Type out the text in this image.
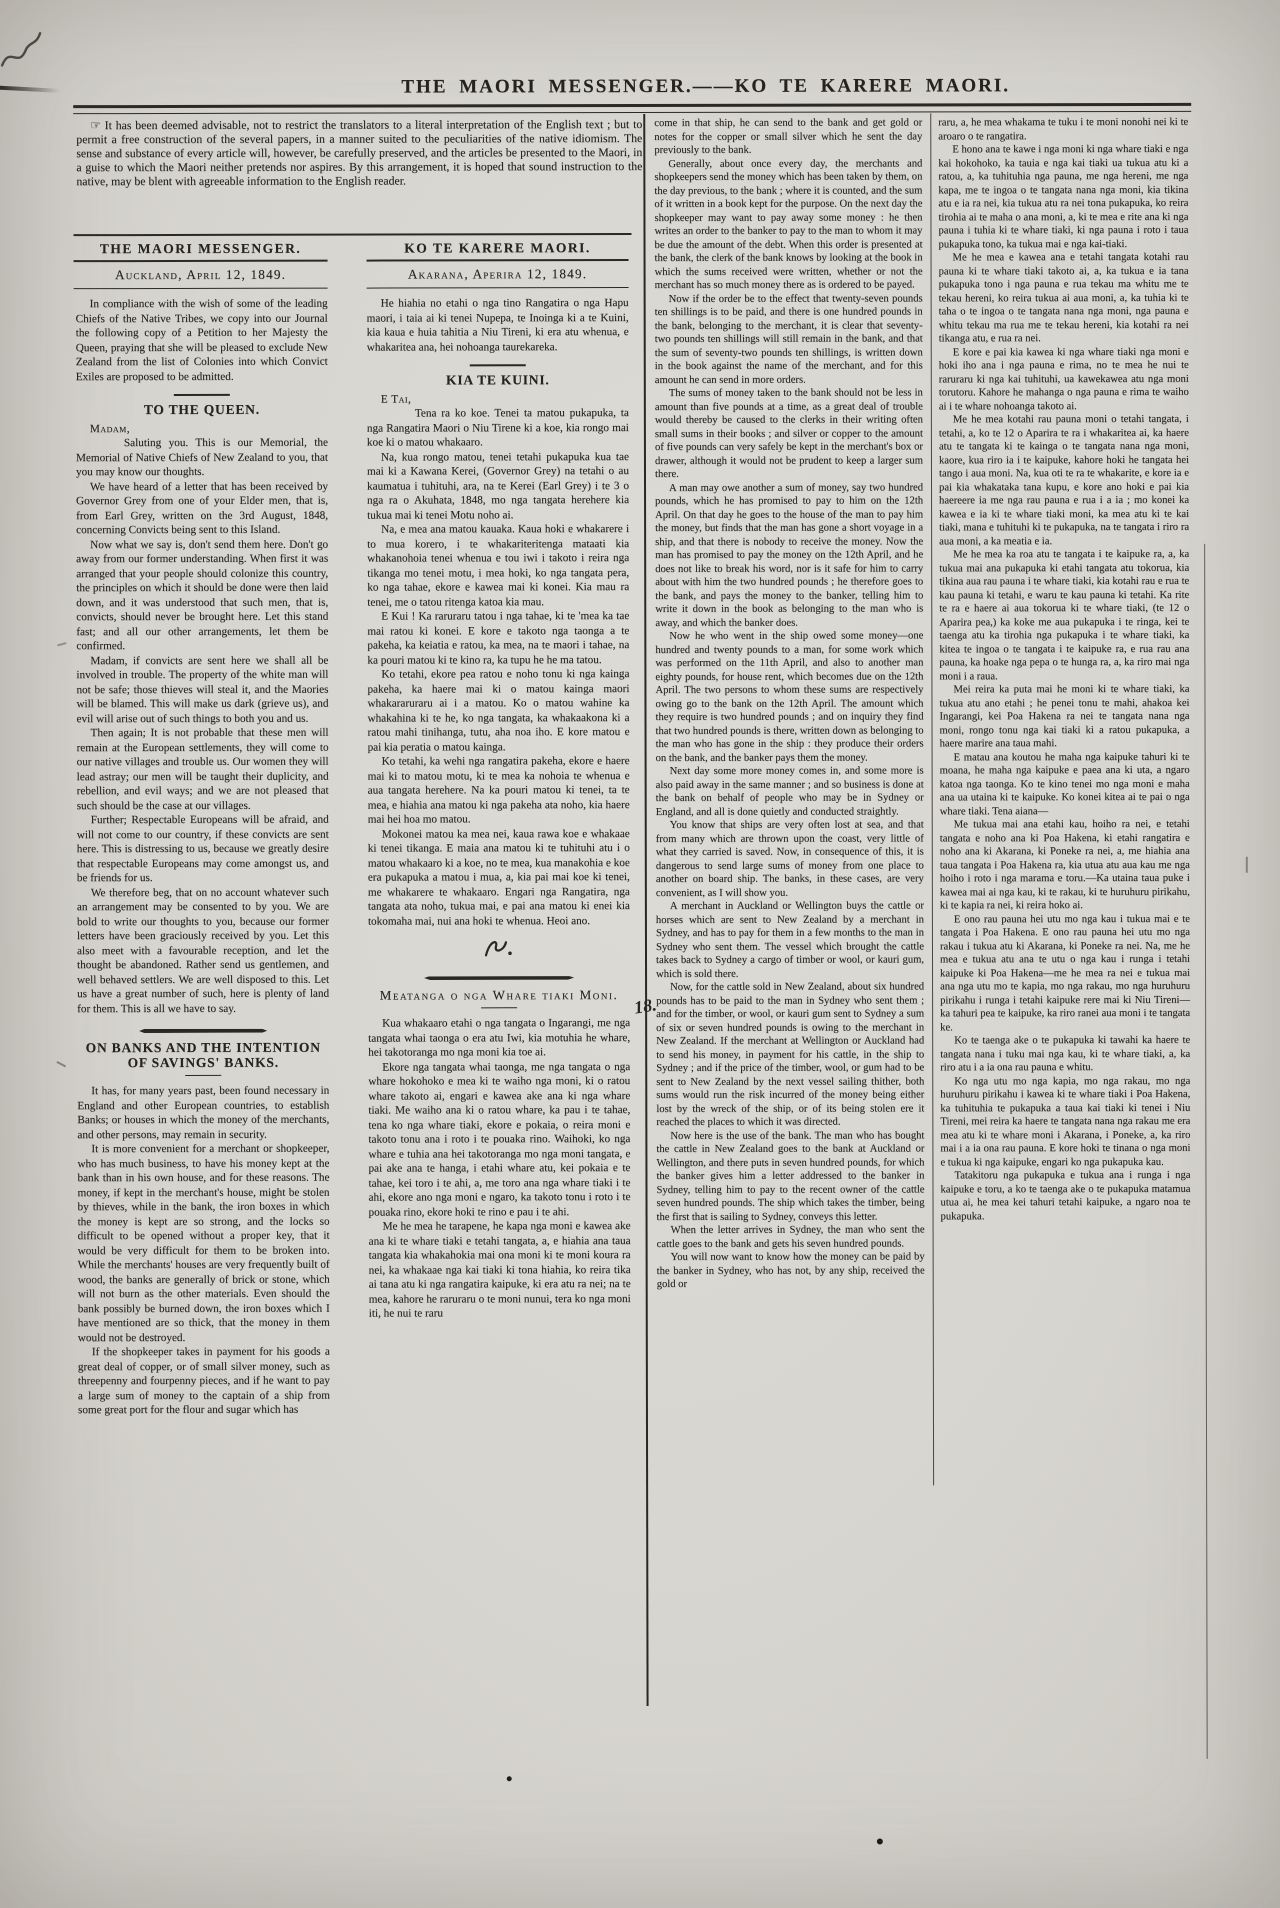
THE MAORI MESSENGER.——KO TE KARERE MAORI.
☞ It has been deemed advisable, not to restrict the translators to a literal interpretation of the English text ; but to permit a free construction of the several papers, in a manner suited to the peculiarities of the native idiomism. The sense and substance of every article will, however, be carefully preserved, and the articles be presented to the Maori, in a guise to which the Maori neither pretends nor aspires. By this arrangement, it is hoped that sound instruction to the native, may be blent with agreeable information to the English reader.
THE MAORI MESSENGER.
Auckland, April 12, 1849.
KO TE KARERE MAORI.
Akarana, Aperira 12, 1849.

In compliance with the wish of some of the leading Chiefs of the Native Tribes, we copy into our Journal the following copy of a Petition to her Majesty the Queen, praying that she will be pleased to exclude New Zealand from the list of Colonies into which Convict Exiles are proposed to be admitted.

TO THE QUEEN.

Madam,

Saluting you. This is our Memorial, the Memorial of Native Chiefs of New Zealand to you, that you may know our thoughts.

We have heard of a letter that has been received by Governor Grey from one of your Elder men, that is, from Earl Grey, written on the 3rd August, 1848, concerning Convicts being sent to this Island.

Now what we say is, don't send them here. Don't go away from our former understanding. When first it was arranged that your people should colonize this country, the principles on which it should be done were then laid down, and it was understood that such men, that is, convicts, should never be brought here. Let this stand fast; and all our other arrangements, let them be confirmed.

Madam, if convicts are sent here we shall all be involved in trouble. The property of the white man will not be safe; those thieves will steal it, and the Maories will be blamed. This will make us dark (grieve us), and evil will arise out of such things to both you and us.

Then again; It is not probable that these men will remain at the European settlements, they will come to our native villages and trouble us. Our women they will lead astray; our men will be taught their duplicity, and rebellion, and evil ways; and we are not pleased that such should be the case at our villages.

Further; Respectable Europeans will be afraid, and will not come to our country, if these convicts are sent here. This is distressing to us, because we greatly desire that respectable Europeans may come amongst us, and be friends for us.

We therefore beg, that on no account whatever such an arrangement may be consented to by you. We are bold to write our thoughts to you, because our former letters have been graciously received by you. Let this also meet with a favourable reception, and let the thought be abandoned. Rather send us gentlemen, and well behaved settlers. We are well disposed to this. Let us have a great number of such, here is plenty of land for them. This is all we have to say.

ON BANKS AND THE INTENTION
OF SAVINGS' BANKS.

It has, for many years past, been found necessary in England and other European countries, to establish Banks; or houses in which the money of the merchants, and other persons, may remain in security.

It is more convenient for a merchant or shopkeeper, who has much business, to have his money kept at the bank than in his own house, and for these reasons. The money, if kept in the merchant's house, might be stolen by thieves, while in the bank, the iron boxes in which the money is kept are so strong, and the locks so difficult to be opened without a proper key, that it would be very difficult for them to be broken into. While the merchants' houses are very frequently built of wood, the banks are generally of brick or stone, which will not burn as the other materials. Even should the bank possibly be burned down, the iron boxes which I have mentioned are so thick, that the money in them would not be destroyed.

If the shopkeeper takes in payment for his goods a great deal of copper, or of small silver money, such as threepenny and fourpenny pieces, and if he want to pay a large sum of money to the captain of a ship from some great port for the flour and sugar which has

He hiahia no etahi o nga tino Rangatira o nga Hapu maori, i taia ai ki tenei Nupepa, te Inoinga ki a te Kuini, kia kaua e huia tahitia a Niu Tireni, ki era atu whenua, e whakaritea ana, hei nohoanga taurekareka.

KIA TE KUINI.

E Tai,

Tena ra ko koe. Tenei ta matou pukapuka, ta nga Rangatira Maori o Niu Tirene ki a koe, kia rongo mai koe ki o matou whakaaro.

Na, kua rongo matou, tenei tetahi pukapuka kua tae mai ki a Kawana Kerei, (Governor Grey) na tetahi o au kaumatua i tuhituhi, ara, na te Kerei (Earl Grey) i te 3 o nga ra o Akuhata, 1848, mo nga tangata herehere kia tukua mai ki tenei Motu noho ai.

Na, e mea ana matou kauaka. Kaua hoki e whakarere i to mua korero, i te whakariteritenga mataati kia whakanohoia tenei whenua e tou iwi i takoto i reira nga tikanga mo tenei motu, i mea hoki, ko nga tangata pera, ko nga tahae, ekore e kawea mai ki konei. Kia mau ra tenei, me o tatou ritenga katoa kia mau.

E Kui ! Ka raruraru tatou i nga tahae, ki te 'mea ka tae mai ratou ki konei. E kore e takoto nga taonga a te pakeha, ka keiatia e ratou, ka mea, na te maori i tahae, na ka pouri matou ki te kino ra, ka tupu he he ma tatou.

Ko tetahi, ekore pea ratou e noho tonu ki nga kainga pakeha, ka haere mai ki o matou kainga maori whakararuraru ai i a matou. Ko o matou wahine ka whakahina ki te he, ko nga tangata, ka whakaakona ki a ratou mahi tinihanga, tutu, aha noa iho. E kore matou e pai kia peratia o matou kainga.

Ko tetahi, ka wehi nga rangatira pakeha, ekore e haere mai ki to matou motu, ki te mea ka nohoia te whenua e aua tangata herehere. Na ka pouri matou ki tenei, ta te mea, e hiahia ana matou ki nga pakeha ata noho, kia haere mai hei hoa mo matou.

Mokonei matou ka mea nei, kaua rawa koe e whakaae ki tenei tikanga. E maia ana matou ki te tuhituhi atu i o matou whakaaro ki a koe, no te mea, kua manakohia e koe era pukapuka a matou i mua, a, kia pai mai koe ki tenei, me whakarere te whakaaro. Engari nga Rangatira, nga tangata ata noho, tukua mai, e pai ana matou ki enei kia tokomaha mai, nui ana hoki te whenua. Heoi ano.

Meatanga o nga Whare tiaki Moni.

Kua whakaaro etahi o nga tangata o Ingarangi, me nga tangata whai taonga o era atu Iwi, kia motuhia he whare, hei takotoranga mo nga moni kia toe ai.

Ekore nga tangata whai taonga, me nga tangata o nga whare hokohoko e mea ki te waiho nga moni, ki o ratou whare takoto ai, engari e kawea ake ana ki nga whare tiaki. Me waiho ana ki o ratou whare, ka pau i te tahae, tena ko nga whare tiaki, ekore e pokaia, o reira moni e takoto tonu ana i roto i te pouaka rino. Waihoki, ko nga whare e tuhia ana hei takotoranga mo nga moni tangata, e pai ake ana te hanga, i etahi whare atu, kei pokaia e te tahae, kei toro i te ahi, a, me toro ana nga whare tiaki i te ahi, ekore ano nga moni e ngaro, ka takoto tonu i roto i te pouaka rino, ekore hoki te rino e pau i te ahi.

Me he mea he tarapene, he kapa nga moni e kawea ake ana ki te whare tiaki e tetahi tangata, a, e hiahia ana taua tangata kia whakahokia mai ona moni ki te moni koura ra nei, ka whakaae nga kai tiaki ki tona hiahia, ko reira tika ai tana atu ki nga rangatira kaipuke, ki era atu ra nei; na te mea, kahore he raruraru o te moni nunui, tera ko nga moni iti, he nui te raru

come in that ship, he can send to the bank and get gold or notes for the copper or small silver which he sent the day previously to the bank.

Generally, about once every day, the merchants and shopkeepers send the money which has been taken by them, on the day previous, to the bank ; where it is counted, and the sum of it written in a book kept for the purpose. On the next day the shopkeeper may want to pay away some money : he then writes an order to the banker to pay to the man to whom it may be due the amount of the debt. When this order is presented at the bank, the clerk of the bank knows by looking at the book in which the sums received were written, whether or not the merchant has so much money there as is ordered to be payed.

Now if the order be to the effect that twenty-seven pounds ten shillings is to be paid, and there is one hundred pounds in the bank, belonging to the merchant, it is clear that seventy-two pounds ten shillings will still remain in the bank, and that the sum of seventy-two pounds ten shillings, is written down in the book against the name of the merchant, and for this amount he can send in more orders.

The sums of money taken to the bank should not be less in amount than five pounds at a time, as a great deal of trouble would thereby be caused to the clerks in their writing often small sums in their books ; and silver or copper to the amount of five pounds can very safely be kept in the merchant's box or drawer, although it would not be prudent to keep a larger sum there.

A man may owe another a sum of money, say two hundred pounds, which he has promised to pay to him on the 12th April. On that day he goes to the house of the man to pay him the money, but finds that the man has gone a short voyage in a ship, and that there is nobody to receive the money. Now the man has promised to pay the money on the 12th April, and he does not like to break his word, nor is it safe for him to carry about with him the two hundred pounds ; he therefore goes to the bank, and pays the money to the banker, telling him to write it down in the book as belonging to the man who is away, and which the banker does.

Now he who went in the ship owed some money—one hundred and twenty pounds to a man, for some work which was performed on the 11th April, and also to another man eighty pounds, for house rent, which becomes due on the 12th April. The two persons to whom these sums are respectively owing go to the bank on the 12th April. The amount which they require is two hundred pounds ; and on inquiry they find that two hundred pounds is there, written down as belonging to the man who has gone in the ship : they produce their orders on the bank, and the banker pays them the money.

Next day some more money comes in, and some more is also paid away in the same manner ; and so business is done at the bank on behalf of people who may be in Sydney or England, and all is done quietly and conducted straightly.

You know that ships are very often lost at sea, and that from many which are thrown upon the coast, very little of what they carried is saved. Now, in consequence of this, it is dangerous to send large sums of money from one place to another on board ship. The banks, in these cases, are very convenient, as I will show you.

A merchant in Auckland or Wellington buys the cattle or horses which are sent to New Zealand by a merchant in Sydney, and has to pay for them in a few months to the man in Sydney who sent them. The vessel which brought the cattle takes back to Sydney a cargo of timber or wool, or kauri gum, which is sold there.

Now, for the cattle sold in New Zealand, about six hundred pounds has to be paid to the man in Sydney who sent them ; and for the timber, or wool, or kauri gum sent to Sydney a sum of six or seven hundred pounds is owing to the merchant in New Zealand. If the merchant at Wellington or Auckland had to send his money, in payment for his cattle, in the ship to Sydney ; and if the price of the timber, wool, or gum had to be sent to New Zealand by the next vessel sailing thither, both sums would run the risk incurred of the money being either lost by the wreck of the ship, or of its being stolen ere it reached the places to which it was directed.

Now here is the use of the bank. The man who has bought the cattle in New Zealand goes to the bank at Auckland or Wellington, and there puts in seven hundred pounds, for which the banker gives him a letter addressed to the banker in Sydney, telling him to pay to the recent owner of the cattle seven hundred pounds. The ship which takes the timber, being the first that is sailing to Sydney, conveys this letter.

When the letter arrives in Sydney, the man who sent the cattle goes to the bank and gets his seven hundred pounds.

You will now want to know how the money can be paid by the banker in Sydney, who has not, by any ship, received the gold or

raru, a, he mea whakama te tuku i te moni nonohi nei ki te aroaro o te rangatira.

E hono ana te kawe i nga moni ki nga whare tiaki e nga kai hokohoko, ka tauia e nga kai tiaki ua tukua atu ki a ratou, a, ka tuhituhia nga pauna, me nga hereni, me nga kapa, me te ingoa o te tangata nana nga moni, kia tikina atu e ia ra nei, kia tukua atu ra nei tona pukapuka, ko reira tirohia ai te maha o ana moni, a, ki te mea e rite ana ki nga pauna i tuhia ki te whare tiaki, ki nga pauna i roto i taua pukapuka tono, ka tukua mai e nga kai-tiaki.

Me he mea e kawea ana e tetahi tangata kotahi rau pauna ki te whare tiaki takoto ai, a, ka tukua e ia tana pukapuka tono i nga pauna e rua tekau ma whitu me te tekau hereni, ko reira tukua ai aua moni, a, ka tuhia ki te taha o te ingoa o te tangata nana nga moni, nga pauna e whitu tekau ma rua me te tekau hereni, kia kotahi ra nei tikanga atu, e rua ra nei.

E kore e pai kia kawea ki nga whare tiaki nga moni e hoki iho ana i nga pauna e rima, no te mea he nui te raruraru ki nga kai tuhituhi, ua kawekawea atu nga moni torutoru. Kahore he mahanga o nga pauna e rima te waiho ai i te whare nohoanga takoto ai.

Me he mea kotahi rau pauna moni o tetahi tangata, i tetahi, a, ko te 12 o Aparira te ra i whakaritea ai, ka haere atu te tangata ki te kainga o te tangata nana nga moni, kaore, kua riro ia i te kaipuke, kahore hoki he tangata hei tango i aua moni. Na, kua oti te ra te whakarite, e kore ia e pai kia whakataka tana kupu, e kore ano hoki e pai kia haereere ia me nga rau pauna e rua i a ia ; mo konei ka kawea e ia ki te whare tiaki moni, ka mea atu ki te kai tiaki, mana e tuhituhi ki te pukapuka, na te tangata i riro ra aua moni, a ka meatia e ia.

Me he mea ka roa atu te tangata i te kaipuke ra, a, ka tukua mai ana pukapuka ki etahi tangata atu tokorua, kia tikina aua rau pauna i te whare tiaki, kia kotahi rau e rua te kau pauna ki tetahi, e waru te kau pauna ki tetahi. Ka rite te ra e haere ai aua tokorua ki te whare tiaki, (te 12 o Aparira pea,) ka koke me aua pukapuka i te ringa, kei te taenga atu ka tirohia nga pukapuka i te whare tiaki, ka kitea te ingoa o te tangata i te kaipuke ra, e rua rau ana pauna, ka hoake nga pepa o te hunga ra, a, ka riro mai nga moni i a raua.

Mei reira ka puta mai he moni ki te whare tiaki, ka tukua atu ano etahi ; he penei tonu te mahi, ahakoa kei Ingarangi, kei Poa Hakena ra nei te tangata nana nga moni, rongo tonu nga kai tiaki ki a ratou pukapuka, a haere marire ana taua mahi.

E matau ana koutou he maha nga kaipuke tahuri ki te moana, he maha nga kaipuke e paea ana ki uta, a ngaro katoa nga taonga. Ko te kino tenei mo nga moni e maha ana ua utaina ki te kaipuke. Ko konei kitea ai te pai o nga whare tiaki. Tena aiana—

Me tukua mai ana etahi kau, hoiho ra nei, e tetahi tangata e noho ana ki Poa Hakena, ki etahi rangatira e noho ana ki Akarana, ki Poneke ra nei, a, me hiahia ana taua tangata i Poa Hakena ra, kia utua atu aua kau me nga hoiho i roto i nga marama e toru.—Ka utaina taua puke i kawea mai ai nga kau, ki te rakau, ki te huruhuru pirikahu, ki te kapia ra nei, ki reira hoko ai.

E ono rau pauna hei utu mo nga kau i tukua mai e te tangata i Poa Hakena. E ono rau pauna hei utu mo nga rakau i tukua atu ki Akarana, ki Poneke ra nei. Na, me he mea e tukua atu ana te utu o nga kau i runga i tetahi kaipuke ki Poa Hakena—me he mea ra nei e tukua mai ana nga utu mo te kapia, mo nga rakau, mo nga huruhuru pirikahu i runga i tetahi kaipuke rere mai ki Niu Tireni—ka tahuri pea te kaipuke, ka riro ranei aua moni i te tangata ke.

Ko te taenga ake o te pukapuka ki tawahi ka haere te tangata nana i tuku mai nga kau, ki te whare tiaki, a, ka riro atu i a ia ona rau pauna e whitu.

Ko nga utu mo nga kapia, mo nga rakau, mo nga huruhuru pirikahu i kawea ki te whare tiaki i Poa Hakena, ka tuhituhia te pukapuka a taua kai tiaki ki tenei i Niu Tireni, mei reira ka haere te tangata nana nga rakau me era mea atu ki te whare moni i Akarana, i Poneke, a, ka riro mai i a ia ona rau pauna. E kore hoki te tinana o nga moni e tukua ki nga kaipuke, engari ko nga pukapuka kau.

Tatakitoru nga pukapuka e tukua ana i runga i nga kaipuke e toru, a ko te taenga ake o te pukapuka matamua utua ai, he mea kei tahuri tetahi kaipuke, a ngaro noa te pukapuka.

18.
